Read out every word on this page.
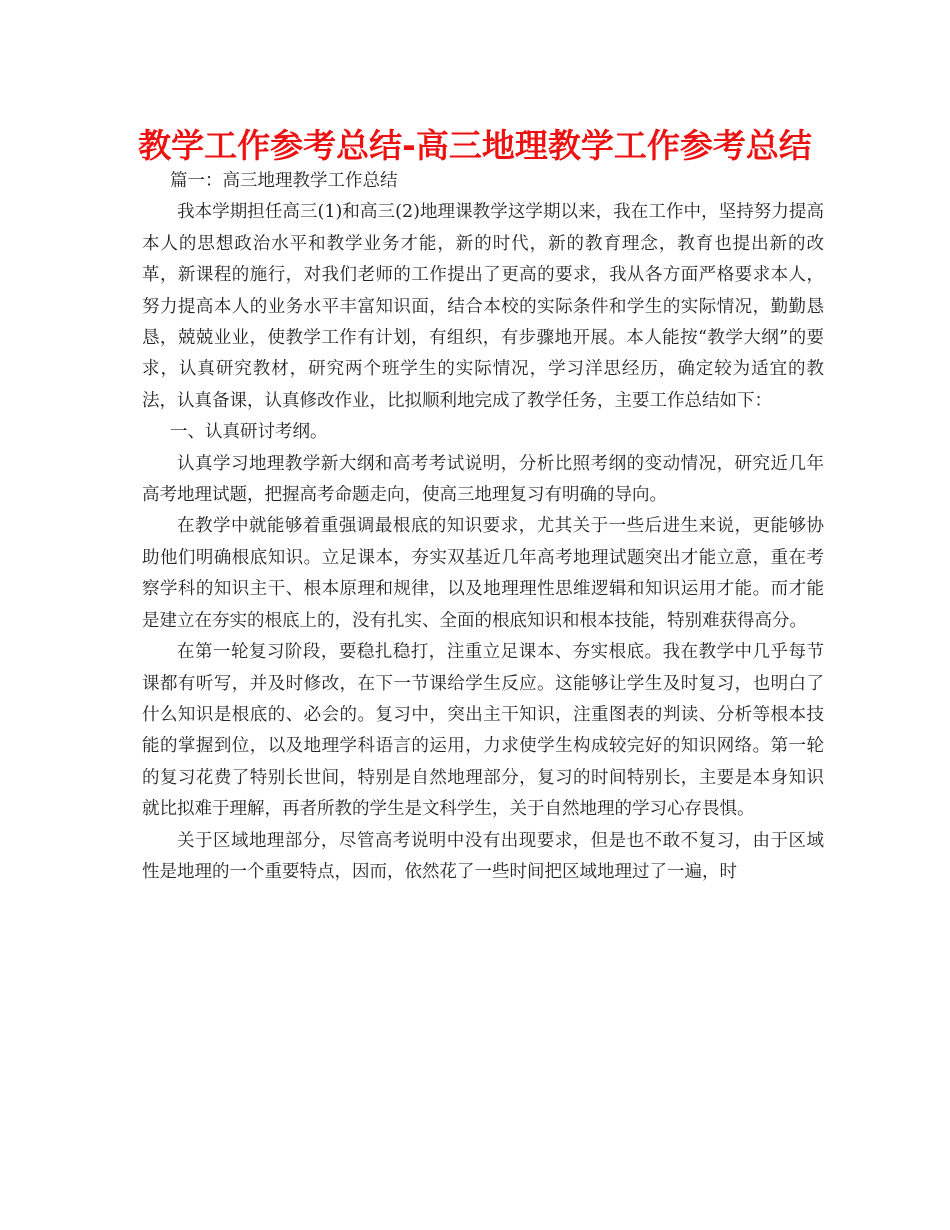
教学工作参考总结-高三地理教学工作参考总结

篇一：高三地理教学工作总结

我本学期担任高三(1)和高三(2)地理课教学这学期以来，我在工作中，坚持努力提高本人的思想政治水平和教学业务才能，新的时代，新的教育理念，教育也提出新的改革，新课程的施行，对我们老师的工作提出了更高的要求，我从各方面严格要求本人，努力提高本人的业务水平丰富知识面，结合本校的实际条件和学生的实际情况，勤勤恳恳，兢兢业业，使教学工作有计划，有组织，有步骤地开展。本人能按“教学大纲”的要求，认真研究教材，研究两个班学生的实际情况，学习洋思经历，确定较为适宜的教法，认真备课，认真修改作业，比拟顺利地完成了教学任务，主要工作总结如下：

一、认真研讨考纲。

认真学习地理教学新大纲和高考考试说明，分析比照考纲的变动情况，研究近几年高考地理试题，把握高考命题走向，使高三地理复习有明确的导向。

在教学中就能够着重强调最根底的知识要求，尤其关于一些后进生来说，更能够协助他们明确根底知识。立足课本，夯实双基近几年高考地理试题突出才能立意，重在考察学科的知识主干、根本原理和规律，以及地理理性思维逻辑和知识运用才能。而才能是建立在夯实的根底上的，没有扎实、全面的根底知识和根本技能，特别难获得高分。

在第一轮复习阶段，要稳扎稳打，注重立足课本、夯实根底。我在教学中几乎每节课都有听写，并及时修改，在下一节课给学生反应。这能够让学生及时复习，也明白了什么知识是根底的、必会的。复习中，突出主干知识，注重图表的判读、分析等根本技能的掌握到位，以及地理学科语言的运用，力求使学生构成较完好的知识网络。第一轮的复习花费了特别长世间，特别是自然地理部分，复习的时间特别长，主要是本身知识就比拟难于理解，再者所教的学生是文科学生，关于自然地理的学习心存畏惧。

关于区域地理部分，尽管高考说明中没有出现要求，但是也不敢不复习，由于区域性是地理的一个重要特点，因而，依然花了一些时间把区域地理过了一遍，时
